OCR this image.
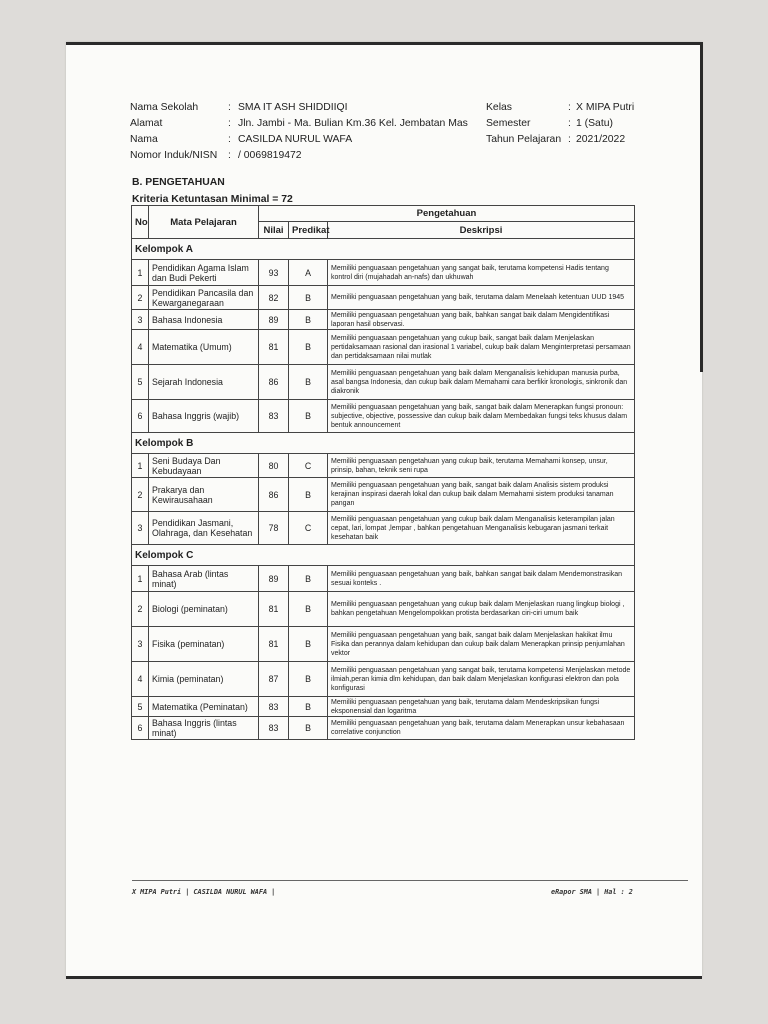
Nama Sekolah	: SMA IT ASH SHIDDIIQI	Kelas	: X MIPA Putri
Alamat	: Jln. Jambi - Ma. Bulian Km.36 Kel. Jembatan Mas Semester	: 1 (Satu)
Nama	: CASILDA NURUL WAFA	Tahun Pelajaran : 2021/2022
Nomor Induk/NISN : / 0069819472
B. PENGETAHUAN
Kriteria Ketuntasan Minimal = 72
No	Mata Pelajaran	Pengetahuan		
		Nilai	Predikat	Deskripsi
Kelompok A				
1	Pendidikan Agama Islam dan Budi Pekerti	93	A	Memiliki penguasaan pengetahuan yang sangat baik, terutama kompetensi Hadis tentang kontrol diri (mujahadah an-nafs) dan ukhuwah
2	Pendidikan Pancasila dan Kewarganegaraan	82	B	Memiliki penguasaan pengetahuan yang baik, terutama dalam Menelaah ketentuan UUD 1945
3	Bahasa Indonesia	89	B	Memiliki penguasaan pengetahuan yang baik, bahkan sangat baik dalam Mengidentifikasi laporan hasil observasi.
4	Matematika (Umum)	81	B	Memiliki penguasaan pengetahuan yang cukup baik, sangat baik dalam Menjelaskan pertidaksamaan rasional dan irasional 1 variabel, cukup baik dalam Menginterpretasi persamaan dan pertidaksamaan nilai mutlak
5	Sejarah Indonesia	86	B	Memiliki penguasaan pengetahuan yang baik dalam Menganalisis kehidupan manusia purba, asal bangsa Indonesia, dan cukup baik dalam Memahami cara berfikir kronologis, sinkronik dan diakronik
6	Bahasa Inggris (wajib)	83	B	Memiliki penguasaan pengetahuan yang baik, sangat baik dalam Menerapkan fungsi pronoun: subjective, objective, possessive dan cukup baik dalam Membedakan fungsi teks khusus dalam bentuk announcement
Kelompok B				
1	Seni Budaya Dan Kebudayaan	80	C	Memiliki penguasaan pengetahuan yang cukup baik, terutama Memahami konsep, unsur, prinsip, bahan, teknik seni rupa
2	Prakarya dan Kewirausahaan	86	B	Memiliki penguasaan pengetahuan yang baik, sangat baik dalam Analisis sistem produksi kerajinan inspirasi daerah lokal dan cukup baik dalam Memahami sistem produksi tanaman pangan
3	Pendidikan Jasmani, Olahraga, dan Kesehatan	78	C	Memiliki penguasaan pengetahuan yang cukup baik dalam Menganalisis keterampilan jalan cepat, lari, lompat ,lempar , bahkan pengetahuan Menganalisis kebugaran jasmani terkait kesehatan baik
Kelompok C				
1	Bahasa Arab (lintas minat)	89	B	Memiliki penguasaan pengetahuan yang baik, bahkan sangat baik dalam Mendemonstrasikan sesuai konteks .
2	Biologi (peminatan)	81	B	Memiliki penguasaan pengetahuan yang cukup baik dalam Menjelaskan ruang lingkup biologi , bahkan pengetahuan Mengelompokkan protista berdasarkan ciri-ciri umum baik
3	Fisika (peminatan)	81	B	Memiliki penguasaan pengetahuan yang baik, sangat baik dalam Menjelaskan hakikat ilmu Fisika dan perannya dalam kehidupan dan cukup baik dalam Menerapkan prinsip penjumlahan vektor
4	Kimia (peminatan)	87	B	Memiliki penguasaan pengetahuan yang sangat baik, terutama kompetensi Menjelaskan metode ilmiah,peran kimia dlm kehidupan, dan baik dalam Menjelaskan konfigurasi elektron dan pola konfigurasi
5	Matematika (Peminatan)	83	B	Memiliki penguasaan pengetahuan yang baik, terutama dalam Mendeskripsikan fungsi eksponensial dan logaritma
6	Bahasa Inggris (lintas minat)	83	B	Memiliki penguasaan pengetahuan yang baik, terutama dalam Menerapkan unsur kebahasaan correlative conjunction
X MIPA Putri | CASILDA NURUL WAFA |	eRapor SMA | Hal : 2
